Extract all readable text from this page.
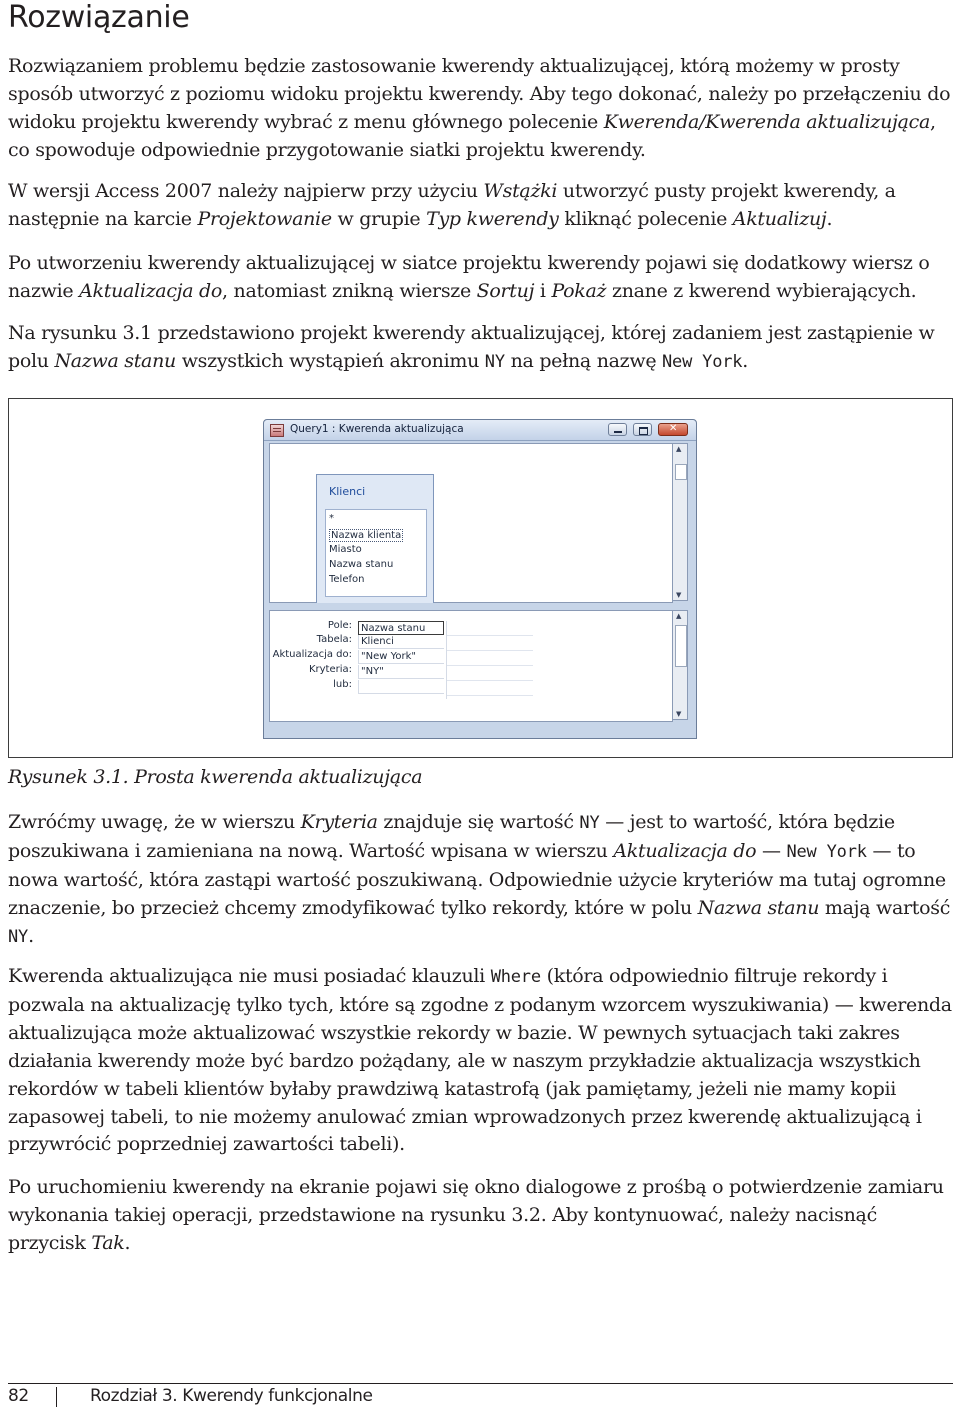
Rozwiązanie

Rozwiązaniem problemu będzie zastosowanie kwerendy aktualizującej, którą możemy w prosty sposób utworzyć z poziomu widoku projektu kwerendy. Aby tego dokonać, należy po przełączeniu do widoku projektu kwerendy wybrać z menu głównego polecenie Kwerenda/Kwerenda aktualizująca, co spowoduje odpowiednie przygotowanie siatki projektu kwerendy.

W wersji Access 2007 należy najpierw przy użyciu Wstążki utworzyć pusty projekt kwerendy, a następnie na karcie Projektowanie w grupie Typ kwerendy kliknąć polecenie Aktualizuj.

Po utworzeniu kwerendy aktualizującej w siatce projektu kwerendy pojawi się dodatkowy wiersz o nazwie Aktualizacja do, natomiast znikną wiersze Sortuj i Pokaż znane z kwerend wybierających.

Na rysunku 3.1 przedstawiono projekt kwerendy aktualizującej, której zadaniem jest zastąpienie w polu Nazwa stanu wszystkich wystąpień akronimu NY na pełną nazwę New York.

Query1 : Kwerenda aktualizująca
✕
Klienci
*
Nazwa klienta
Miasto
Nazwa stanu
Telefon
▲
▼
Pole:
Tabela:
Aktualizacja do:
Kryteria:
lub:
Nazwa stanu
Klienci
"New York"
"NY"
▲
▼

Rysunek 3.1. Prosta kwerenda aktualizująca

Zwróćmy uwagę, że w wierszu Kryteria znajduje się wartość NY — jest to wartość, która będzie poszukiwana i zamieniana na nową. Wartość wpisana w wierszu Aktualizacja do — New York — to nowa wartość, która zastąpi wartość poszukiwaną. Odpowiednie użycie kryteriów ma tutaj ogromne znaczenie, bo przecież chcemy zmodyfikować tylko rekordy, które w polu Nazwa stanu mają wartość NY.

Kwerenda aktualizująca nie musi posiadać klauzuli Where (która odpowiednio filtruje rekordy i pozwala na aktualizację tylko tych, które są zgodne z podanym wzorcem wyszukiwania) — kwerenda aktualizująca może aktualizować wszystkie rekordy w bazie. W pewnych sytuacjach taki zakres działania kwerendy może być bardzo pożądany, ale w naszym przykładzie aktualizacja wszystkich rekordów w tabeli klientów byłaby prawdziwą katastrofą (jak pamiętamy, jeżeli nie mamy kopii zapasowej tabeli, to nie możemy anulować zmian wprowadzonych przez kwerendę aktualizującą i przywrócić poprzedniej zawartości tabeli).

Po uruchomieniu kwerendy na ekranie pojawi się okno dialogowe z prośbą o potwierdzenie zamiaru wykonania takiej operacji, przedstawione na rysunku 3.2. Aby kontynuować, należy nacisnąć przycisk Tak.

82	Rozdział 3. Kwerendy funkcjonalne
